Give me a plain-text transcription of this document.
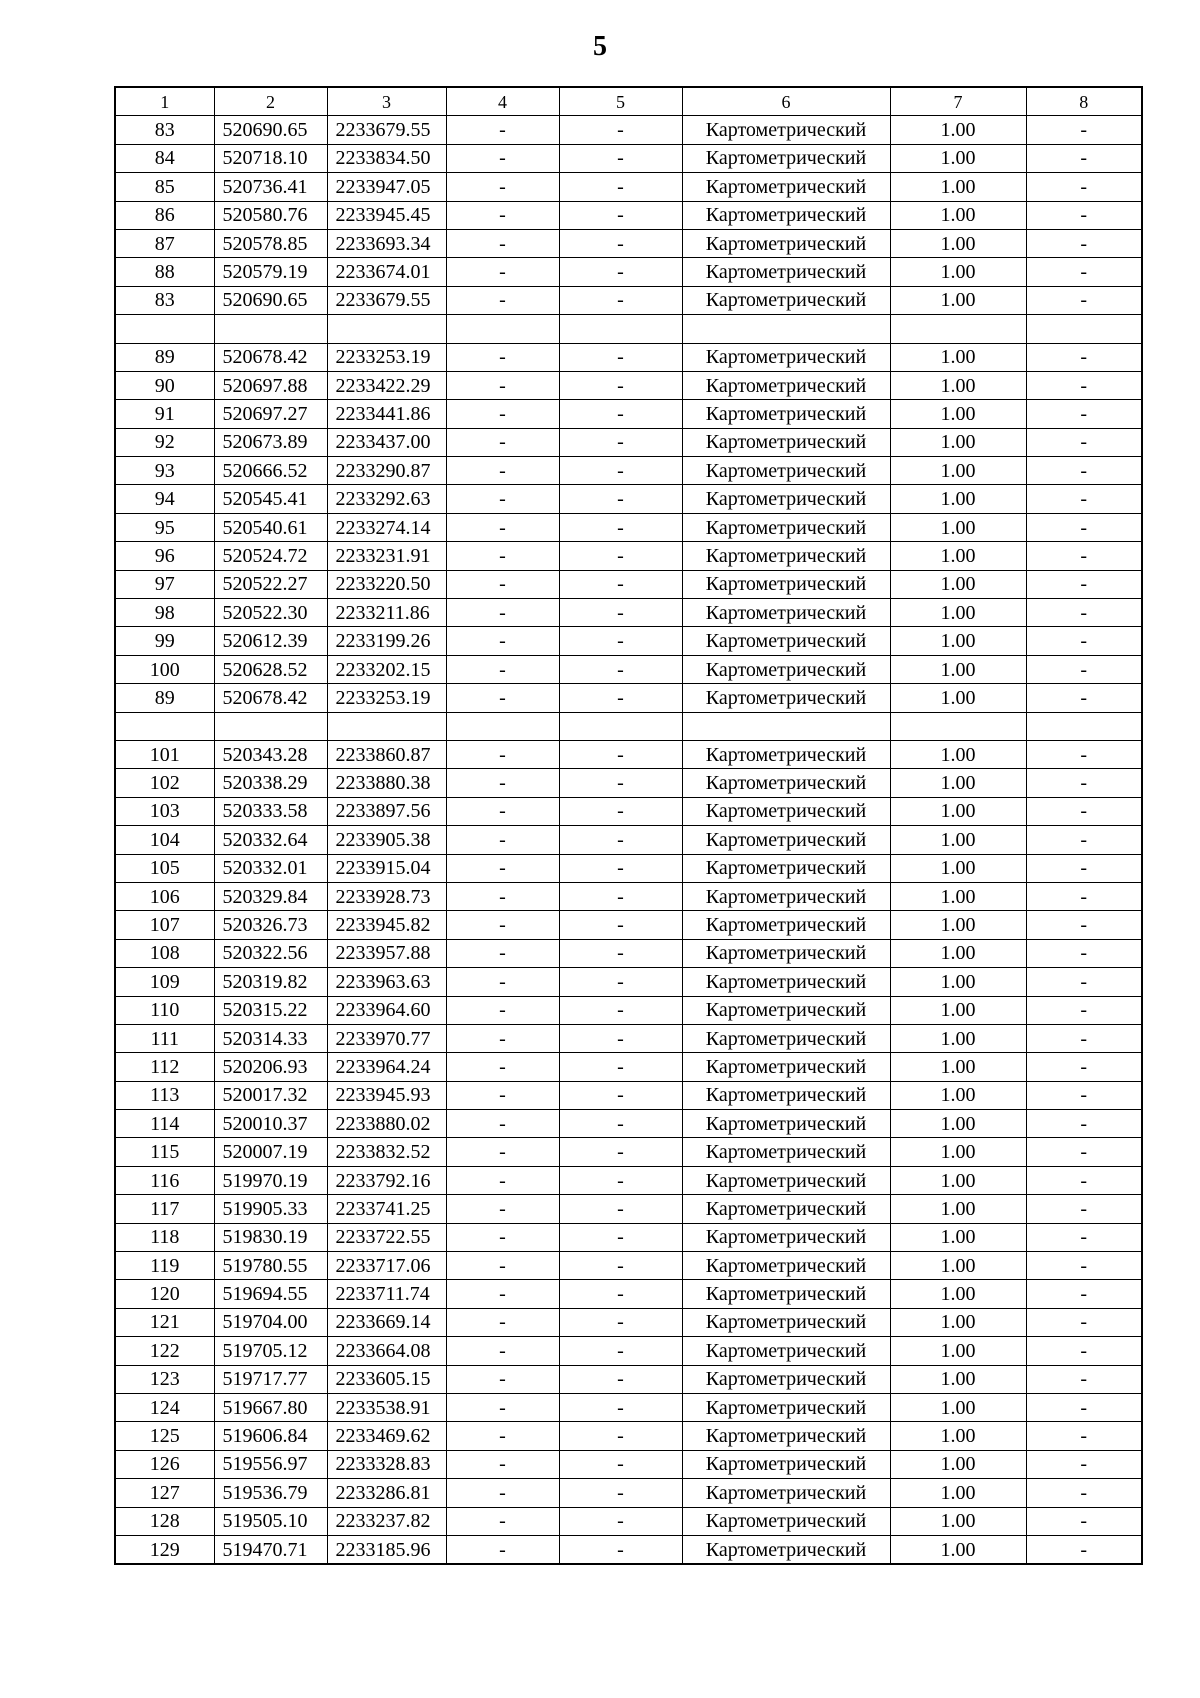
5
1	2	3	4	5	6	7	8
83	520690.65	2233679.55	-	-	Картометрический	1.00	-
84	520718.10	2233834.50	-	-	Картометрический	1.00	-
85	520736.41	2233947.05	-	-	Картометрический	1.00	-
86	520580.76	2233945.45	-	-	Картометрический	1.00	-
87	520578.85	2233693.34	-	-	Картометрический	1.00	-
88	520579.19	2233674.01	-	-	Картометрический	1.00	-
83	520690.65	2233679.55	-	-	Картометрический	1.00	-

89	520678.42	2233253.19	-	-	Картометрический	1.00	-
90	520697.88	2233422.29	-	-	Картометрический	1.00	-
91	520697.27	2233441.86	-	-	Картометрический	1.00	-
92	520673.89	2233437.00	-	-	Картометрический	1.00	-
93	520666.52	2233290.87	-	-	Картометрический	1.00	-
94	520545.41	2233292.63	-	-	Картометрический	1.00	-
95	520540.61	2233274.14	-	-	Картометрический	1.00	-
96	520524.72	2233231.91	-	-	Картометрический	1.00	-
97	520522.27	2233220.50	-	-	Картометрический	1.00	-
98	520522.30	2233211.86	-	-	Картометрический	1.00	-
99	520612.39	2233199.26	-	-	Картометрический	1.00	-
100	520628.52	2233202.15	-	-	Картометрический	1.00	-
89	520678.42	2233253.19	-	-	Картометрический	1.00	-

101	520343.28	2233860.87	-	-	Картометрический	1.00	-
102	520338.29	2233880.38	-	-	Картометрический	1.00	-
103	520333.58	2233897.56	-	-	Картометрический	1.00	-
104	520332.64	2233905.38	-	-	Картометрический	1.00	-
105	520332.01	2233915.04	-	-	Картометрический	1.00	-
106	520329.84	2233928.73	-	-	Картометрический	1.00	-
107	520326.73	2233945.82	-	-	Картометрический	1.00	-
108	520322.56	2233957.88	-	-	Картометрический	1.00	-
109	520319.82	2233963.63	-	-	Картометрический	1.00	-
110	520315.22	2233964.60	-	-	Картометрический	1.00	-
111	520314.33	2233970.77	-	-	Картометрический	1.00	-
112	520206.93	2233964.24	-	-	Картометрический	1.00	-
113	520017.32	2233945.93	-	-	Картометрический	1.00	-
114	520010.37	2233880.02	-	-	Картометрический	1.00	-
115	520007.19	2233832.52	-	-	Картометрический	1.00	-
116	519970.19	2233792.16	-	-	Картометрический	1.00	-
117	519905.33	2233741.25	-	-	Картометрический	1.00	-
118	519830.19	2233722.55	-	-	Картометрический	1.00	-
119	519780.55	2233717.06	-	-	Картометрический	1.00	-
120	519694.55	2233711.74	-	-	Картометрический	1.00	-
121	519704.00	2233669.14	-	-	Картометрический	1.00	-
122	519705.12	2233664.08	-	-	Картометрический	1.00	-
123	519717.77	2233605.15	-	-	Картометрический	1.00	-
124	519667.80	2233538.91	-	-	Картометрический	1.00	-
125	519606.84	2233469.62	-	-	Картометрический	1.00	-
126	519556.97	2233328.83	-	-	Картометрический	1.00	-
127	519536.79	2233286.81	-	-	Картометрический	1.00	-
128	519505.10	2233237.82	-	-	Картометрический	1.00	-
129	519470.71	2233185.96	-	-	Картометрический	1.00	-
